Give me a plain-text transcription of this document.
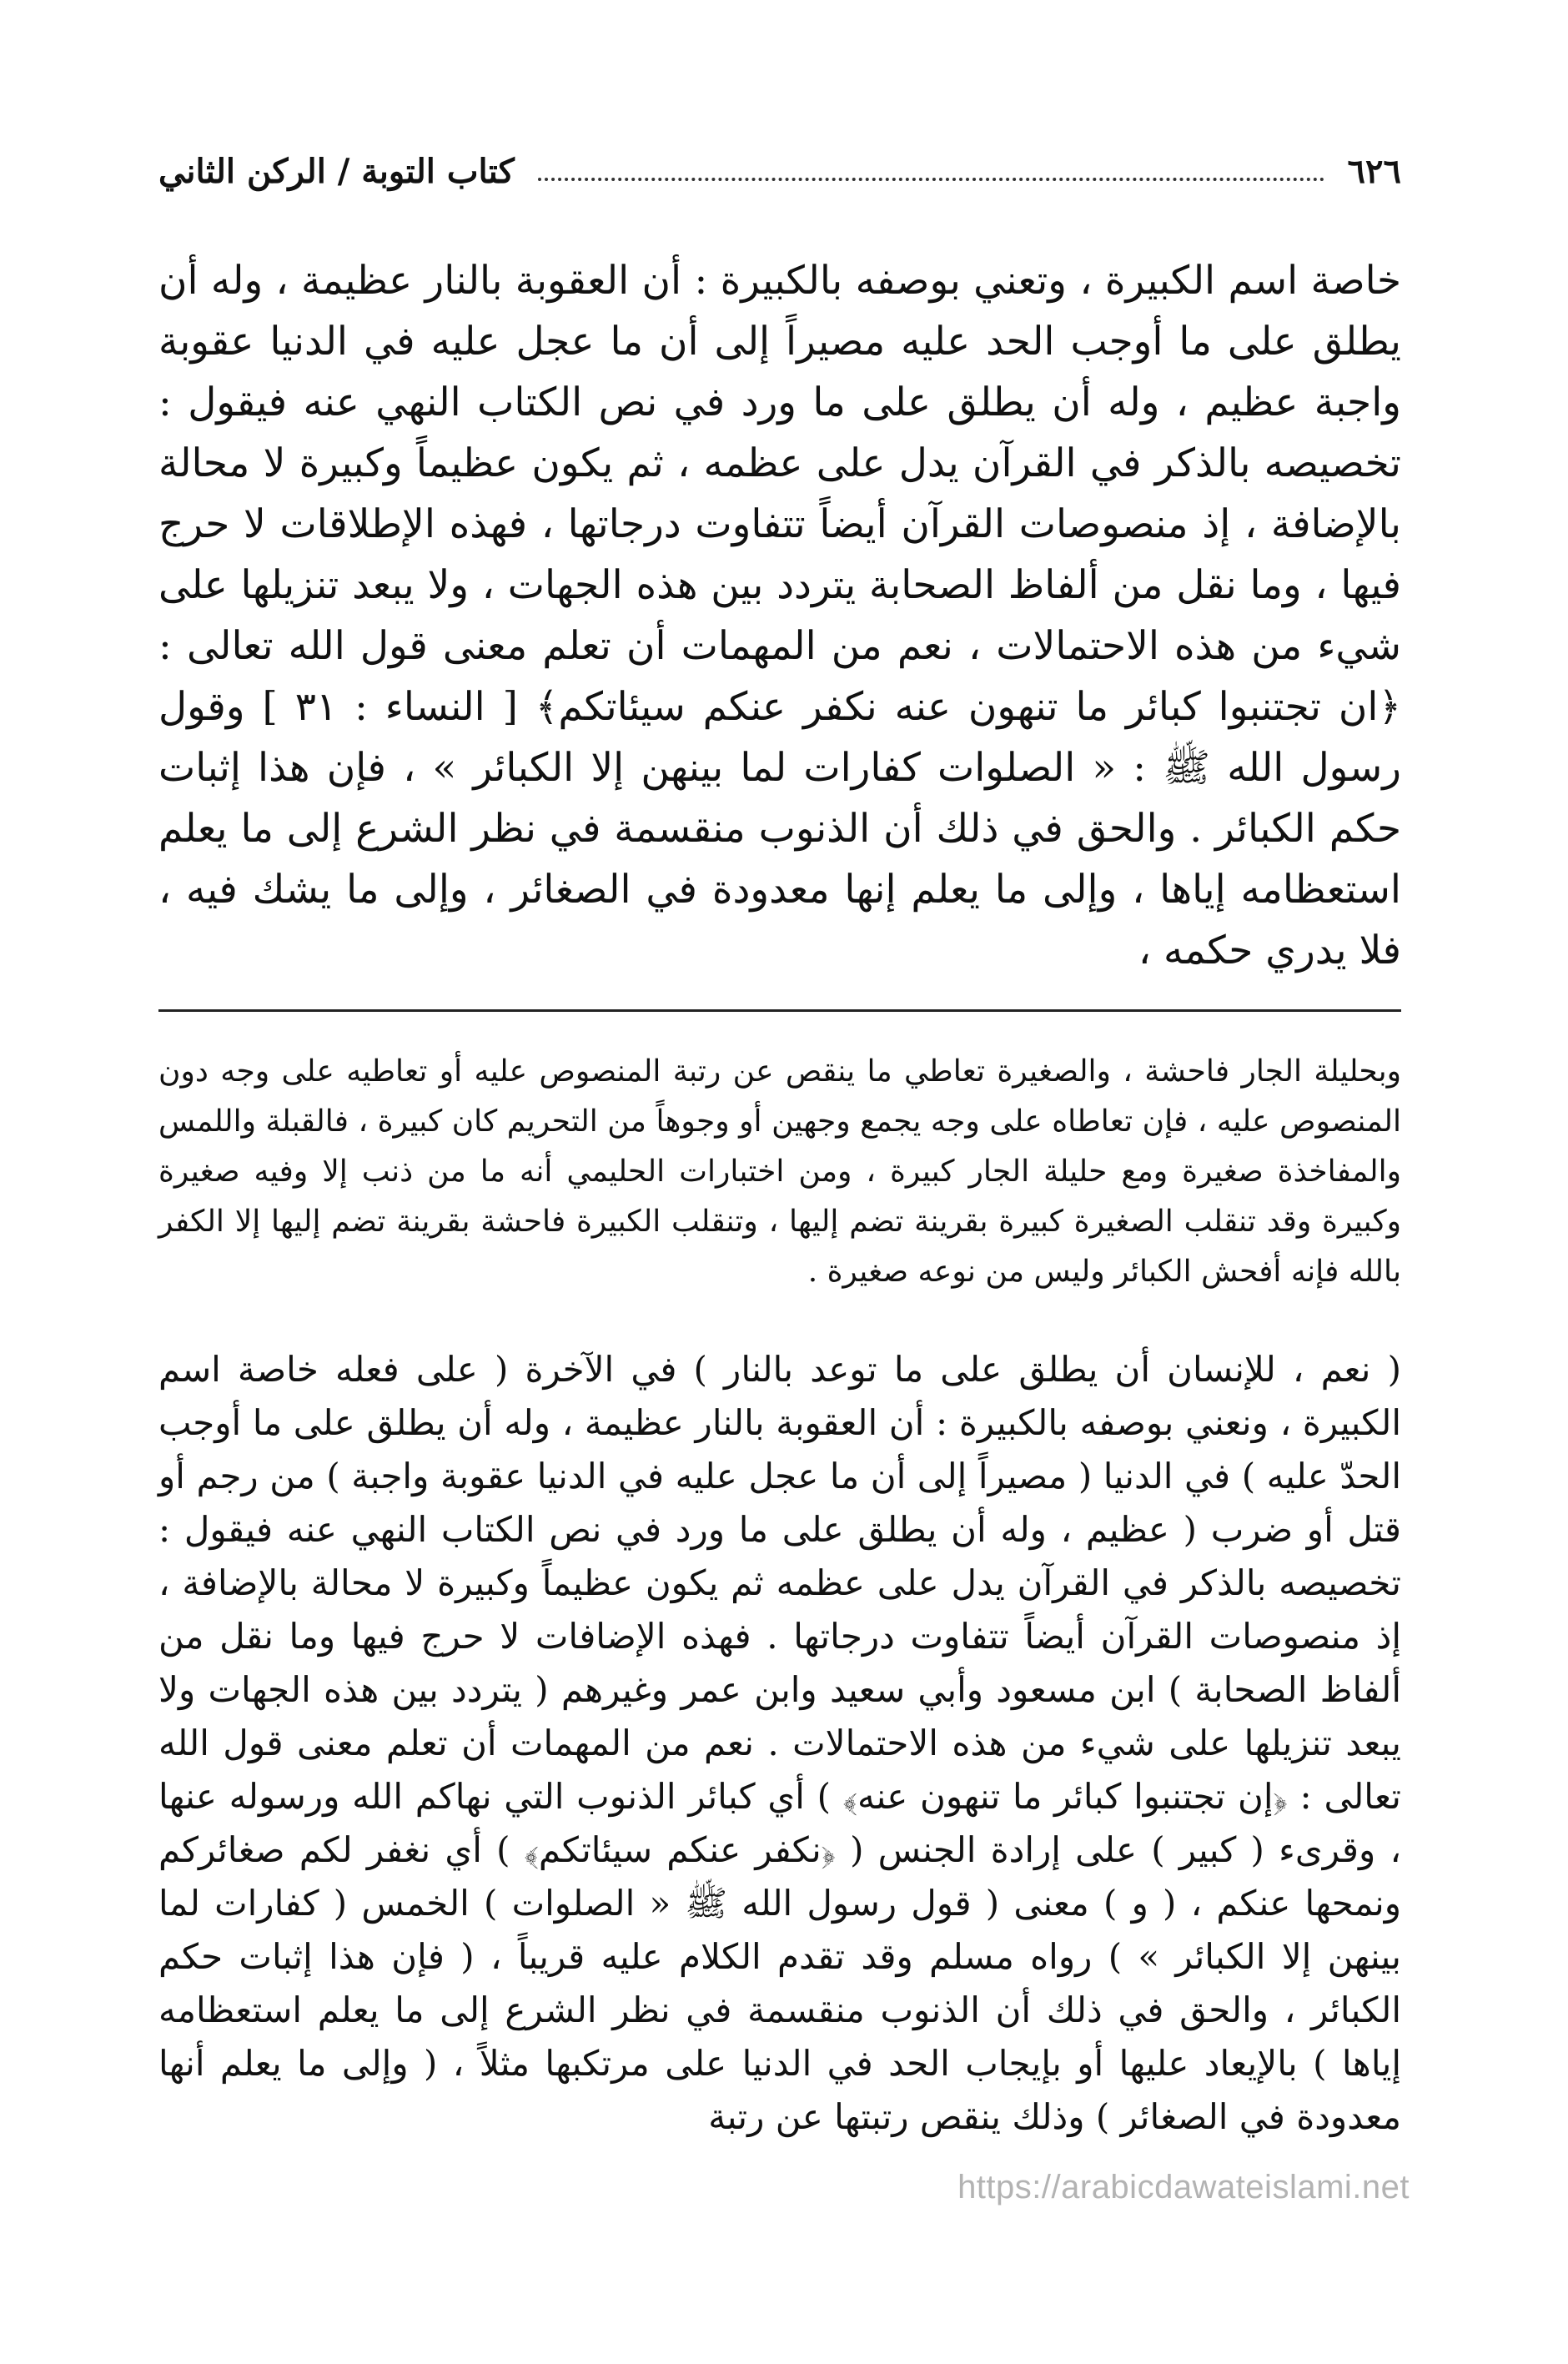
٦٢٦
كتاب التوبة / الركن الثاني

خاصة اسم الكبيرة ، وتعني بوصفه بالكبيرة : أن العقوبة بالنار عظيمة ، وله أن يطلق على ما أوجب الحد عليه مصيراً إلى أن ما عجل عليه في الدنيا عقوبة واجبة عظيم ، وله أن يطلق على ما ورد في نص الكتاب النهي عنه فيقول : تخصيصه بالذكر في القرآن يدل على عظمه ، ثم يكون عظيماً وكبيرة لا محالة بالإضافة ، إذ منصوصات القرآن أيضاً تتفاوت درجاتها ، فهذه الإطلاقات لا حرج فيها ، وما نقل من ألفاظ الصحابة يتردد بين هذه الجهات ، ولا يبعد تنزيلها على شيء من هذه الاحتمالات ، نعم من المهمات أن تعلم معنى قول الله تعالى : ﴿ان تجتنبوا كبائر ما تنهون عنه نكفر عنكم سيئاتكم﴾ [ النساء : ٣١ ] وقول رسول الله ﷺ : « الصلوات كفارات لما بينهن إلا الكبائر » ، فإن هذا إثبات حكم الكبائر . والحق في ذلك أن الذنوب منقسمة في نظر الشرع إلى ما يعلم استعظامه إياها ، وإلى ما يعلم إنها معدودة في الصغائر ، وإلى ما يشك فيه ، فلا يدري حكمه ،

وبحليلة الجار فاحشة ، والصغيرة تعاطي ما ينقص عن رتبة المنصوص عليه أو تعاطيه على وجه دون المنصوص عليه ، فإن تعاطاه على وجه يجمع وجهين أو وجوهاً من التحريم كان كبيرة ، فالقبلة واللمس والمفاخذة صغيرة ومع حليلة الجار كبيرة ، ومن اختبارات الحليمي أنه ما من ذنب إلا وفيه صغيرة وكبيرة وقد تنقلب الصغيرة كبيرة بقرينة تضم إليها ، وتنقلب الكبيرة فاحشة بقرينة تضم إليها إلا الكفر بالله فإنه أفحش الكبائر وليس من نوعه صغيرة .

( نعم ، للإنسان أن يطلق على ما توعد بالنار ) في الآخرة ( على فعله خاصة اسم الكبيرة ، ونعني بوصفه بالكبيرة : أن العقوبة بالنار عظيمة ، وله أن يطلق على ما أوجب الحدّ عليه ) في الدنيا ( مصيراً إلى أن ما عجل عليه في الدنيا عقوبة واجبة ) من رجم أو قتل أو ضرب ( عظيم ، وله أن يطلق على ما ورد في نص الكتاب النهي عنه فيقول : تخصيصه بالذكر في القرآن يدل على عظمه ثم يكون عظيماً وكبيرة لا محالة بالإضافة ، إذ منصوصات القرآن أيضاً تتفاوت درجاتها . فهذه الإضافات لا حرج فيها وما نقل من ألفاظ الصحابة ) ابن مسعود وأبي سعيد وابن عمر وغيرهم ( يتردد بين هذه الجهات ولا يبعد تنزيلها على شيء من هذه الاحتمالات . نعم من المهمات أن تعلم معنى قول الله تعالى : ﴿إن تجتنبوا كبائر ما تنهون عنه﴾ ) أي كبائر الذنوب التي نهاكم الله ورسوله عنها ، وقرىء ( كبير ) على إرادة الجنس ( ﴿نكفر عنكم سيئاتكم﴾ ) أي نغفر لكم صغائركم ونمحها عنكم ، ( و ) معنى ( قول رسول الله ﷺ « الصلوات ) الخمس ( كفارات لما بينهن إلا الكبائر » ) رواه مسلم وقد تقدم الكلام عليه قريباً ، ( فإن هذا إثبات حكم الكبائر ، والحق في ذلك أن الذنوب منقسمة في نظر الشرع إلى ما يعلم استعظامه إياها ) بالإيعاد عليها أو بإيجاب الحد في الدنيا على مرتكبها مثلاً ، ( وإلى ما يعلم أنها معدودة في الصغائر ) وذلك ينقص رتبتها عن رتبة

https://arabicdawateislami.net
